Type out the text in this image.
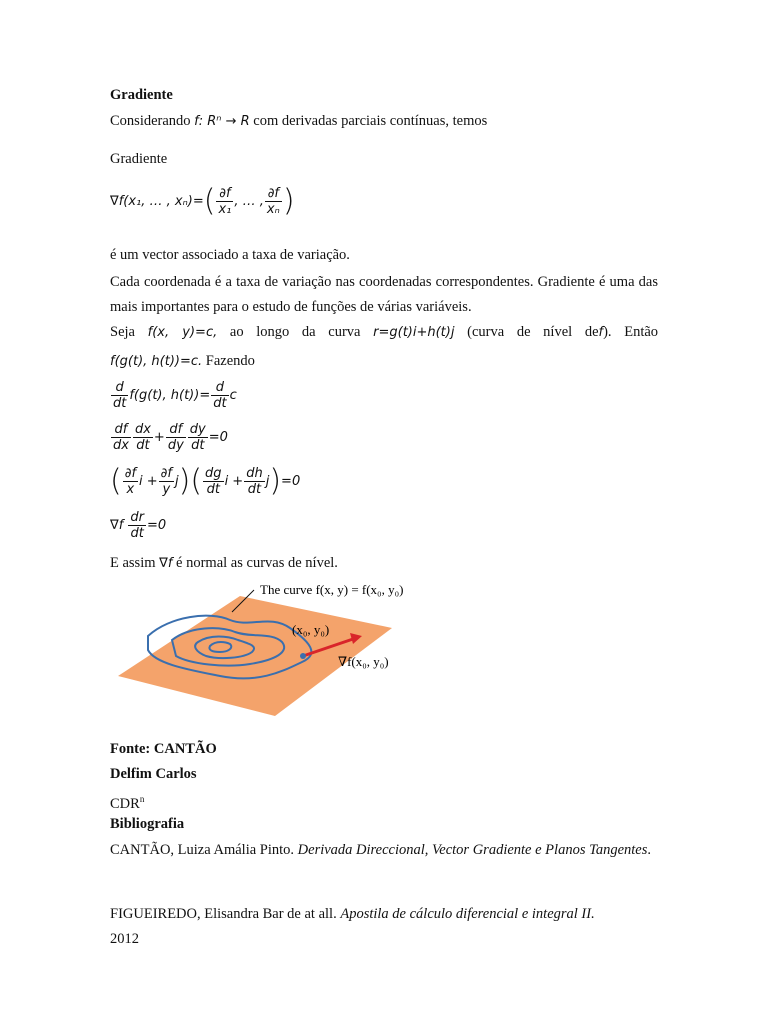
Gradiente
Considerando f: Rⁿ → R com derivadas parciais contínuas, temos
Gradiente
∇f(x₁, … , $x_n)=( \frac{\partial f}{\text{x₁}}$ , … , $\frac{\partial f}{\text{xₙ}}$ )
é um vector associado a taxa de variação.

Cada coordenada é a taxa de variação nas coordenadas correspondentes. Gradiente é uma das mais importantes para o estudo de funções de várias variáveis.

Seja f(x, y)=c, ao longo da curva r=g(t)i+h(t)j (curva de nível def). Então
f(g(t), h(t))=c. Fazendo
$\frac{d}{dt} f(g(t)$, $h(t))= \frac{d}{dt}$ c
$\frac{df}{dx} \frac{dx}{dt} + \frac{df}{dy} \frac{dy}{dt} =0$
( $\frac{\partial f}{x}$ $i + \frac{\partial f}{y} j)( \frac{dg}{dt}$ $i + \frac{dh}{dt} j)=0$
$\nabla f \frac{dr}{dt} =0$
E assim ∇f é normal as curvas de nível.
The curve f(x, y) = f(x₀, y₀)
(x₀, y₀)
∇f(x₀, y₀)
Fonte: CANTÃO
Delfim Carlos
CDR$^n$
Bibliografia
CANTÃO, Luiza Amália Pinto. Derivada Direccional, Vector Gradiente e Planos Tangentes.
FIGUEIREDO, Elisandra Bar de at all. Apostila de cálculo diferencial e integral II.
2012
